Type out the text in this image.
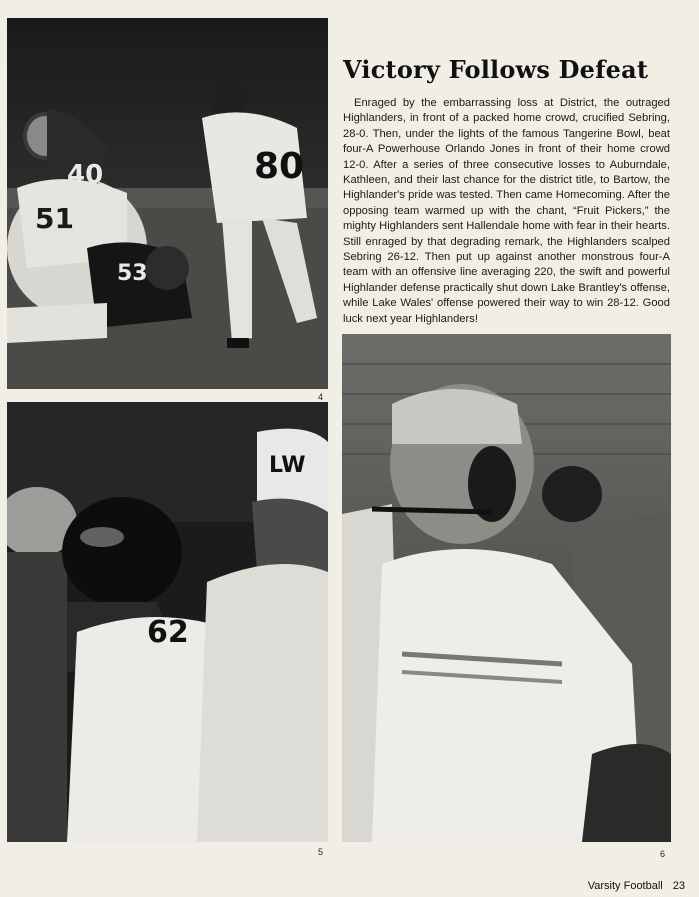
80
40
51
53
4
LW
62
5	6
Victory Follows Defeat

Enraged by the embarrassing loss at District, the outraged Highlanders, in front of a packed home crowd, crucified Sebring, 28-0. Then, under the lights of the famous Tangerine Bowl, beat four-A Powerhouse Orlando Jones in front of their home crowd 12-0. After a series of three consecutive losses to Auburndale, Kathleen, and their last chance for the district title, to Bartow, the Highlander's pride was tested. Then came Homecoming. After the opposing team warmed up with the chant, “Fruit Pickers,” the mighty Highlanders sent Hallendale home with fear in their hearts. Still enraged by that degrading remark, the Highlanders scalped Sebring 26-12. Then put up against another monstrous four-A team with an offensive line averaging 220, the swift and powerful Highlander defense practically shut down Lake Brantley's offense, while Lake Wales' offense powered their way to win 28-12. Good luck next year Highlanders!

Varsity Football 23
